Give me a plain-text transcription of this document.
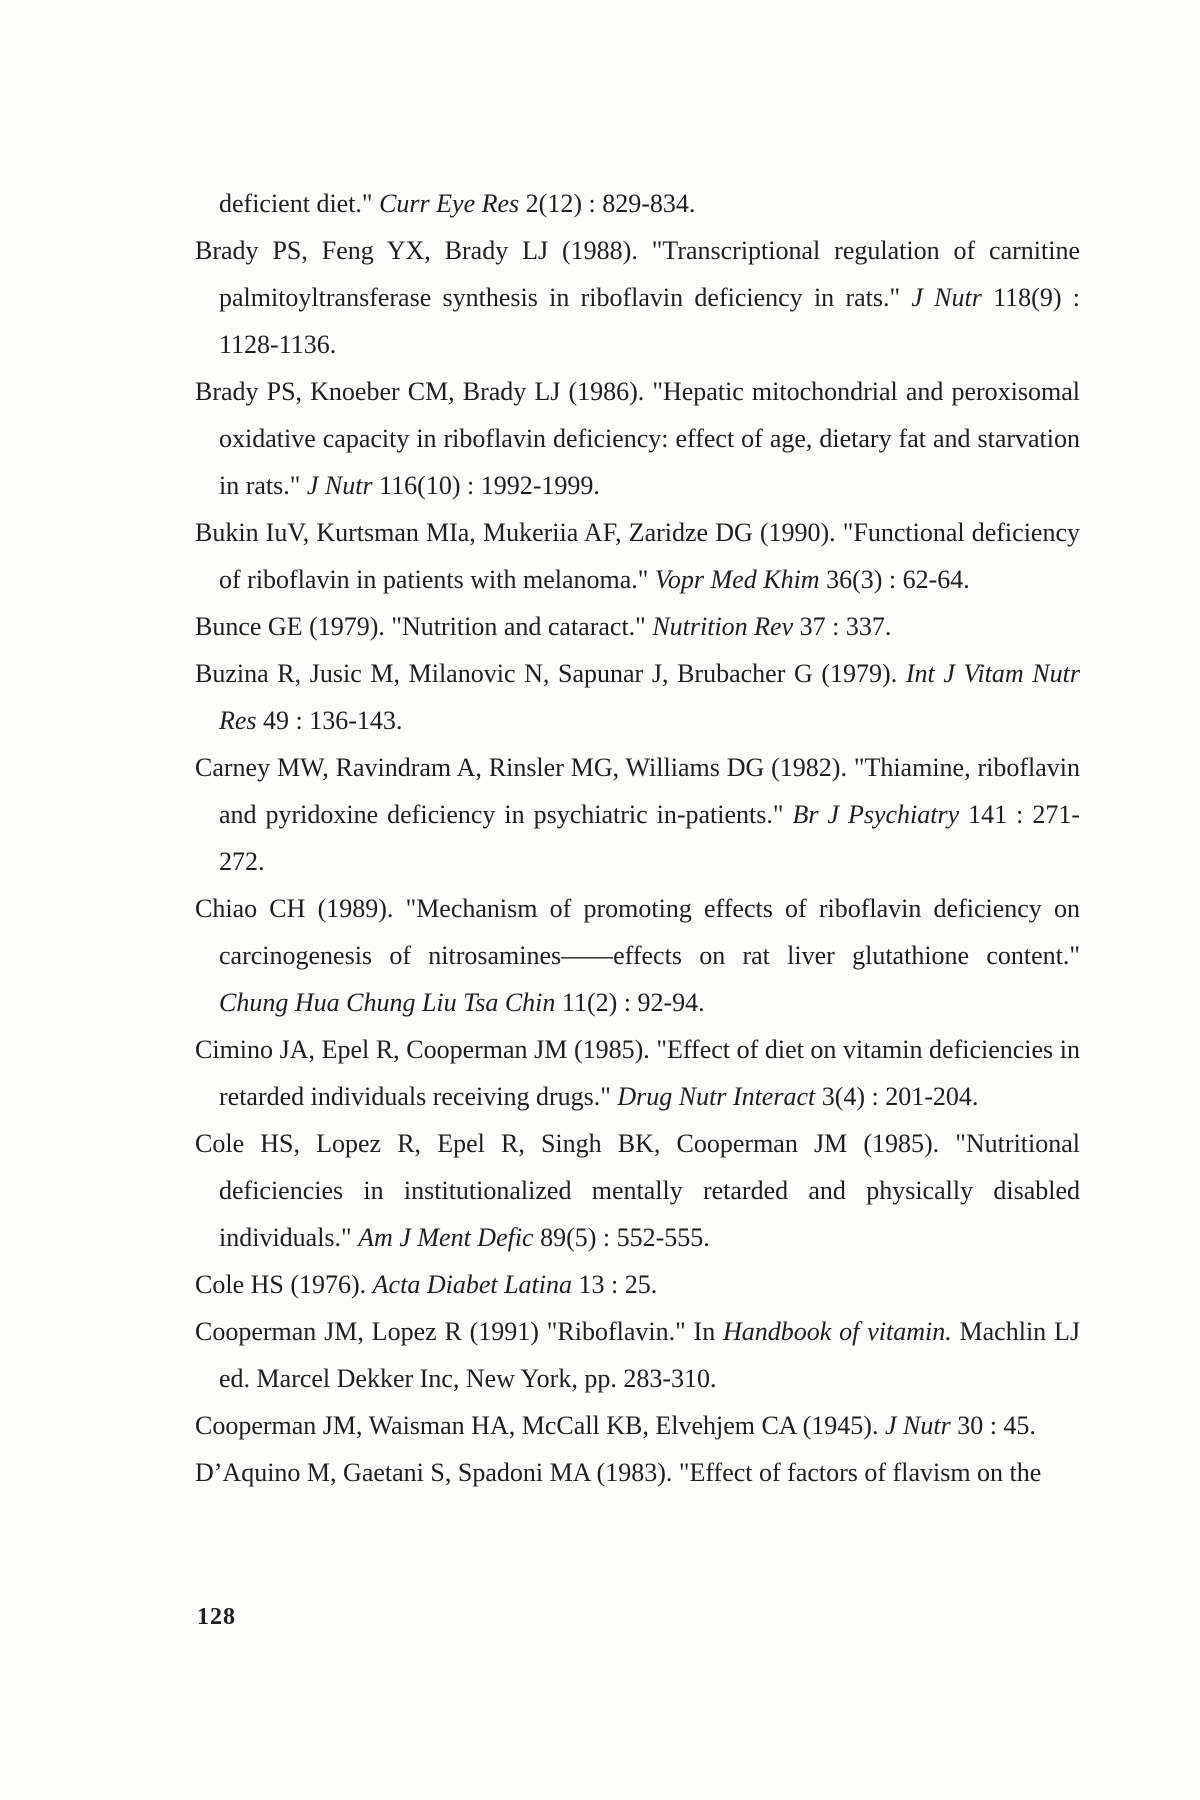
deficient diet." Curr Eye Res 2(12) : 829-834.
Brady PS, Feng YX, Brady LJ (1988). "Transcriptional regulation of carnitine palmitoyltransferase synthesis in riboflavin deficiency in rats." J Nutr 118(9) : 1128-1136.
Brady PS, Knoeber CM, Brady LJ (1986). "Hepatic mitochondrial and peroxisomal oxidative capacity in riboflavin deficiency: effect of age, dietary fat and starvation in rats." J Nutr 116(10) : 1992-1999.
Bukin IuV, Kurtsman MIa, Mukeriia AF, Zaridze DG (1990). "Functional deficiency of riboflavin in patients with melanoma." Vopr Med Khim 36(3) : 62-64.
Bunce GE (1979). "Nutrition and cataract." Nutrition Rev 37 : 337.
Buzina R, Jusic M, Milanovic N, Sapunar J, Brubacher G (1979). Int J Vitam Nutr Res 49 : 136-143.
Carney MW, Ravindram A, Rinsler MG, Williams DG (1982). "Thiamine, riboflavin and pyridoxine deficiency in psychiatric in-patients." Br J Psychiatry 141 : 271-272.
Chiao CH (1989). "Mechanism of promoting effects of riboflavin deficiency on carcinogenesis of nitrosamines——effects on rat liver glutathione content." Chung Hua Chung Liu Tsa Chin 11(2) : 92-94.
Cimino JA, Epel R, Cooperman JM (1985). "Effect of diet on vitamin deficiencies in retarded individuals receiving drugs." Drug Nutr Interact 3(4) : 201-204.
Cole HS, Lopez R, Epel R, Singh BK, Cooperman JM (1985). "Nutritional deficiencies in institutionalized mentally retarded and physically disabled individuals." Am J Ment Defic 89(5) : 552-555.
Cole HS (1976). Acta Diabet Latina 13 : 25.
Cooperman JM, Lopez R (1991) "Riboflavin." In Handbook of vitamin. Machlin LJ ed. Marcel Dekker Inc, New York, pp. 283-310.
Cooperman JM, Waisman HA, McCall KB, Elvehjem CA (1945). J Nutr 30 : 45.
D’Aquino M, Gaetani S, Spadoni MA (1983). "Effect of factors of flavism on the
128
